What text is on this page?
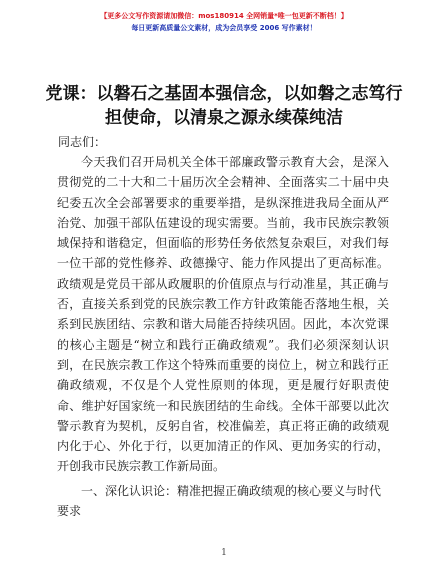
【更多公文写作资源请加微信：mos180914 全网销量*唯一包更新不断档！】
每日更新高质量公文素材，成为会员享受 2006 写作素材！
党课：以磐石之基固本强信念，以如磐之志笃行担使命，以清泉之源永续葆纯洁
同志们：

今天我们召开局机关全体干部廉政警示教育大会，是深入贯彻党的二十大和二十届历次全会精神、全面落实二十届中央纪委五次全会部署要求的重要举措，是纵深推进我局全面从严治党、加强干部队伍建设的现实需要。当前，我市民族宗教领域保持和谐稳定，但面临的形势任务依然复杂艰巨，对我们每一位干部的党性修养、政德操守、能力作风提出了更高标准。政绩观是党员干部从政履职的价值原点与行动准星，其正确与否，直接关系到党的民族宗教工作方针政策能否落地生根，关系到民族团结、宗教和谐大局能否持续巩固。因此，本次党课的核心主题是“树立和践行正确政绩观”。我们必须深刻认识到，在民族宗教工作这个特殊而重要的岗位上，树立和践行正确政绩观，不仅是个人党性原则的体现，更是履行好职责使命、维护好国家统一和民族团结的生命线。全体干部要以此次警示教育为契机，反躬自省，校准偏差，真正将正确的政绩观内化于心、外化于行，以更加清正的作风、更加务实的行动，开创我市民族宗教工作新局面。

一、深化认识论：精准把握正确政绩观的核心要义与时代要求

1
